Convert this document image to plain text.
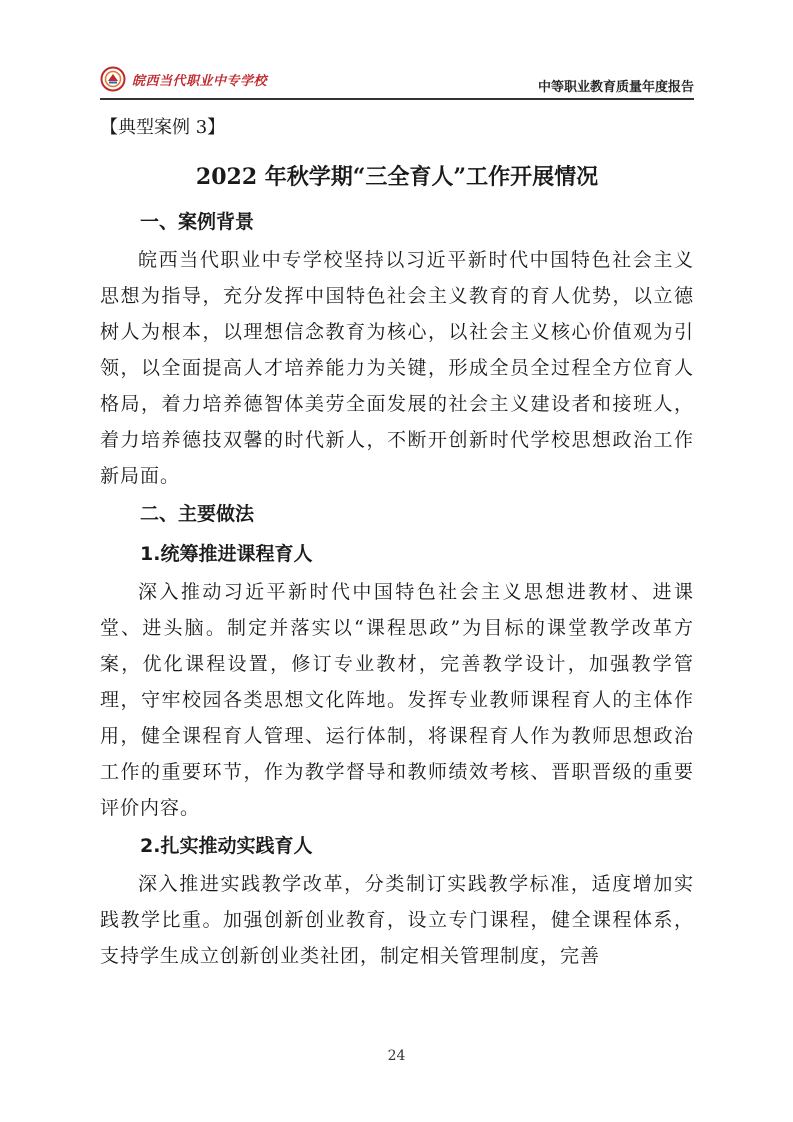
皖西当代职业中专学校	中等职业教育质量年度报告

【典型案例 3】

2022 年秋学期“三全育人”工作开展情况
一、案例背景

皖西当代职业中专学校坚持以习近平新时代中国特色社会主义思想为指导，充分发挥中国特色社会主义教育的育人优势，以立德树人为根本，以理想信念教育为核心，以社会主义核心价值观为引领，以全面提高人才培养能力为关键，形成全员全过程全方位育人格局，着力培养德智体美劳全面发展的社会主义建设者和接班人，着力培养德技双馨的时代新人，不断开创新时代学校思想政治工作新局面。

二、主要做法
1.统筹推进课程育人

深入推动习近平新时代中国特色社会主义思想进教材、进课堂、进头脑。制定并落实以“课程思政”为目标的课堂教学改革方案，优化课程设置，修订专业教材，完善教学设计，加强教学管理，守牢校园各类思想文化阵地。发挥专业教师课程育人的主体作用，健全课程育人管理、运行体制，将课程育人作为教师思想政治工作的重要环节，作为教学督导和教师绩效考核、晋职晋级的重要评价内容。

2.扎实推动实践育人

深入推进实践教学改革，分类制订实践教学标准，适度增加实践教学比重。加强创新创业教育，设立专门课程，健全课程体系，支持学生成立创新创业类社团，制定相关管理制度，完善

24
